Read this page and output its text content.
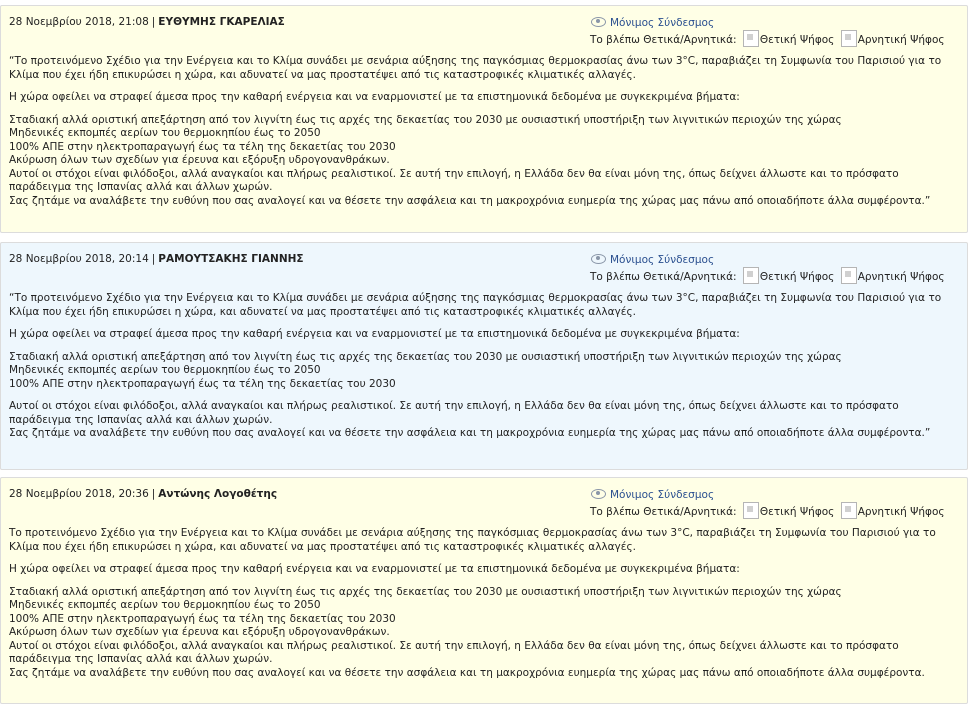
28 Νοεμβρίου 2018, 21:08 | ΕΥΘΥΜΗΣ ΓΚΑΡΕΛΙΑΣ	Μόνιμος Σύνδεσμος
Το βλέπω Θετικά/Αρνητικά: Θετική Ψήφος Αρνητική Ψήφος

“Το προτεινόμενο Σχέδιο για την Ενέργεια και το Κλίμα συνάδει με σενάρια αύξησης της παγκόσμιας θερμοκρασίας άνω των 3°C, παραβιάζει τη Συμφωνία του Παρισιού για το Κλίμα που έχει ήδη επικυρώσει η χώρα, και αδυνατεί να μας προστατέψει από τις καταστροφικές κλιματικές αλλαγές.

Η χώρα οφείλει να στραφεί άμεσα προς την καθαρή ενέργεια και να εναρμονιστεί με τα επιστημονικά δεδομένα με συγκεκριμένα βήματα:

Σταδιακή αλλά οριστική απεξάρτηση από τον λιγνίτη έως τις αρχές της δεκαετίας του 2030 με ουσιαστική υποστήριξη των λιγνιτικών περιοχών της χώρας
Μηδενικές εκπομπές αερίων του θερμοκηπίου έως το 2050
100% ΑΠΕ στην ηλεκτροπαραγωγή έως τα τέλη της δεκαετίας του 2030
Ακύρωση όλων των σχεδίων για έρευνα και εξόρυξη υδρογονανθράκων.
Αυτοί οι στόχοι είναι φιλόδοξοι, αλλά αναγκαίοι και πλήρως ρεαλιστικοί. Σε αυτή την επιλογή, η Ελλάδα δεν θα είναι μόνη της, όπως δείχνει άλλωστε και το πρόσφατο παράδειγμα της Ισπανίας αλλά και άλλων χωρών.
Σας ζητάμε να αναλάβετε την ευθύνη που σας αναλογεί και να θέσετε την ασφάλεια και τη μακροχρόνια ευημερία της χώρας μας πάνω από οποιαδήποτε άλλα συμφέροντα.”
28 Νοεμβρίου 2018, 20:14 | ΡΑΜΟΥΤΣΑΚΗΣ ΓΙΑΝΝΗΣ	Μόνιμος Σύνδεσμος
Το βλέπω Θετικά/Αρνητικά: Θετική Ψήφος Αρνητική Ψήφος

“Το προτεινόμενο Σχέδιο για την Ενέργεια και το Κλίμα συνάδει με σενάρια αύξησης της παγκόσμιας θερμοκρασίας άνω των 3°C, παραβιάζει τη Συμφωνία του Παρισιού για το Κλίμα που έχει ήδη επικυρώσει η χώρα, και αδυνατεί να μας προστατέψει από τις καταστροφικές κλιματικές αλλαγές.

Η χώρα οφείλει να στραφεί άμεσα προς την καθαρή ενέργεια και να εναρμονιστεί με τα επιστημονικά δεδομένα με συγκεκριμένα βήματα:

Σταδιακή αλλά οριστική απεξάρτηση από τον λιγνίτη έως τις αρχές της δεκαετίας του 2030 με ουσιαστική υποστήριξη των λιγνιτικών περιοχών της χώρας
Μηδενικές εκπομπές αερίων του θερμοκηπίου έως το 2050
100% ΑΠΕ στην ηλεκτροπαραγωγή έως τα τέλη της δεκαετίας του 2030
Αυτοί οι στόχοι είναι φιλόδοξοι, αλλά αναγκαίοι και πλήρως ρεαλιστικοί. Σε αυτή την επιλογή, η Ελλάδα δεν θα είναι μόνη της, όπως δείχνει άλλωστε και το πρόσφατο παράδειγμα της Ισπανίας αλλά και άλλων χωρών.
Σας ζητάμε να αναλάβετε την ευθύνη που σας αναλογεί και να θέσετε την ασφάλεια και τη μακροχρόνια ευημερία της χώρας μας πάνω από οποιαδήποτε άλλα συμφέροντα.”
28 Νοεμβρίου 2018, 20:36 | Αντώνης Λογοθέτης	Μόνιμος Σύνδεσμος
Το βλέπω Θετικά/Αρνητικά: Θετική Ψήφος Αρνητική Ψήφος

Το προτεινόμενο Σχέδιο για την Ενέργεια και το Κλίμα συνάδει με σενάρια αύξησης της παγκόσμιας θερμοκρασίας άνω των 3°C, παραβιάζει τη Συμφωνία του Παρισιού για το Κλίμα που έχει ήδη επικυρώσει η χώρα, και αδυνατεί να μας προστατέψει από τις καταστροφικές κλιματικές αλλαγές.

Η χώρα οφείλει να στραφεί άμεσα προς την καθαρή ενέργεια και να εναρμονιστεί με τα επιστημονικά δεδομένα με συγκεκριμένα βήματα:

Σταδιακή αλλά οριστική απεξάρτηση από τον λιγνίτη έως τις αρχές της δεκαετίας του 2030 με ουσιαστική υποστήριξη των λιγνιτικών περιοχών της χώρας
Μηδενικές εκπομπές αερίων του θερμοκηπίου έως το 2050
100% ΑΠΕ στην ηλεκτροπαραγωγή έως τα τέλη της δεκαετίας του 2030
Ακύρωση όλων των σχεδίων για έρευνα και εξόρυξη υδρογονανθράκων.
Αυτοί οι στόχοι είναι φιλόδοξοι, αλλά αναγκαίοι και πλήρως ρεαλιστικοί. Σε αυτή την επιλογή, η Ελλάδα δεν θα είναι μόνη της, όπως δείχνει άλλωστε και το πρόσφατο παράδειγμα της Ισπανίας αλλά και άλλων χωρών.
Σας ζητάμε να αναλάβετε την ευθύνη που σας αναλογεί και να θέσετε την ασφάλεια και τη μακροχρόνια ευημερία της χώρας μας πάνω από οποιαδήποτε άλλα συμφέροντα.
